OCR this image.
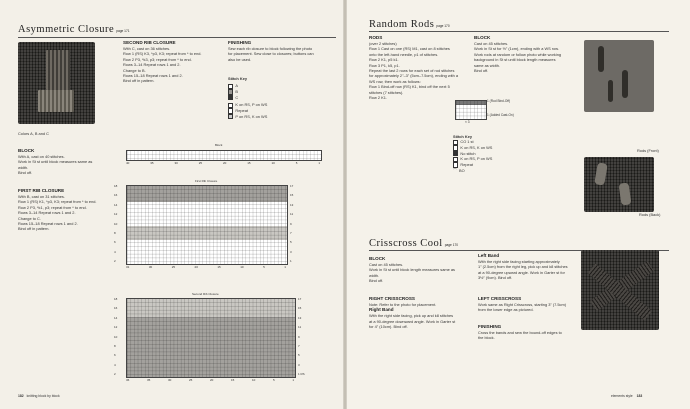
Asymmetric Closure page 171
Colors A, B and C
SECOND RIB CLOSURE
With C, cast on 36 stitches.
Row 1 (RS) K3, *p3, K3; repeat from * to end.
Row 2 P3, *k3, p3; repeat from * to end.
Rows 3–14 Repeat rows 1 and 2.
Change to B.
Rows 15–18 Repeat rows 1 and 2.
Bind off in pattern.
FINISHING
Sew each rib closure to block following the photo
for placement. Sew close to closures; buttons can
also be used.
Stitch Key
A
B
C
K on RS, P on WS
Repeat
P on RS, K on WS
BLOCK
With A, cast on 40 stitches.
Work in St st until block measures same as
width.
Bind off.
FIRST RIB CLOSURE
With B, cast on 31 stitches.
Row 1 (RS) K1, *p3, K3; repeat from * to end.
Row 2 P3, *k1, p3; repeat from * to end.
Rows 3–14 Repeat rows 1 and 2.
Change to C.
Rows 15–18 Repeat rows 1 and 2.
Bind off in pattern.
Block
40	35	30	25	20	15	10	5	1
First Rib Closure
18
16
14
12
10
8
6
4
2
17
15
13
11
9
7
5
3
1
31	30	25	20	15	10	5	1
Second Rib Closure
18
16
14
12
10
8
6
4
2
17
15
13
11
9
7
5
3
1 RS
36	35	30	25	20	15	10	5	1
182 knitting block by block
Random Rods page 170
RODS
(over 2 stitches)
Row 1 Cast on one (RS) M1, cast on 8 stitches
onto the left-hand needle, p1 of stitches.
Row 2 K1, p5 k1.
Row 3 P1, k5, p1.
Repeat the last 2 rows for each set of rod stitches
for approximately 2"–3" (5cm–7.5cm), ending with a
WS row, then work as follows:
Row 1 Bind-off row (RS) K1, bind off the next 5
stitches (7 stitches).
Row 2 K1.
BLOCK
Cast on 45 stitches.
Work in St st for ½" (1cm), ending with a WS row.
Work rods at random or follow photo while working
background in St st until block length measures
same as width.
Bind off.
1 (Rod Bind-Off)
1 (Added Cast-On)
× 3
Stitch Key
CO 1 st
K on RS, K on WS
No stitch
K on RS, P on WS
Repeat
⌒ BO
Rods (Front)
Rods (Back)
Crisscross Cool page 170
BLOCK
Cast on 45 stitches.
Work in St st until block length measures same as
width.
Bind off.
RIGHT CRISSCROSS
Note: Refer to the photo for placement.
Right Band
With the right side facing, pick up and k8 stitches
at a 90-degree downward angle. Work in Garter st
for 4" (10cm). Bind off.
Left Band
With the right side facing starting approximately
1" (2.5cm) from the right leg, pick up and k8 stitches
at a 90-degree upward angle. Work in Garter st for
3½" (9cm). Bind off.
LEFT CRISSCROSS
Work same as Right Crisscross, starting 3" (7.5cm)
from the lower edge as pictured.
FINISHING
Cross the bands and sew the bound-off edges to
the block.
elements style 183
